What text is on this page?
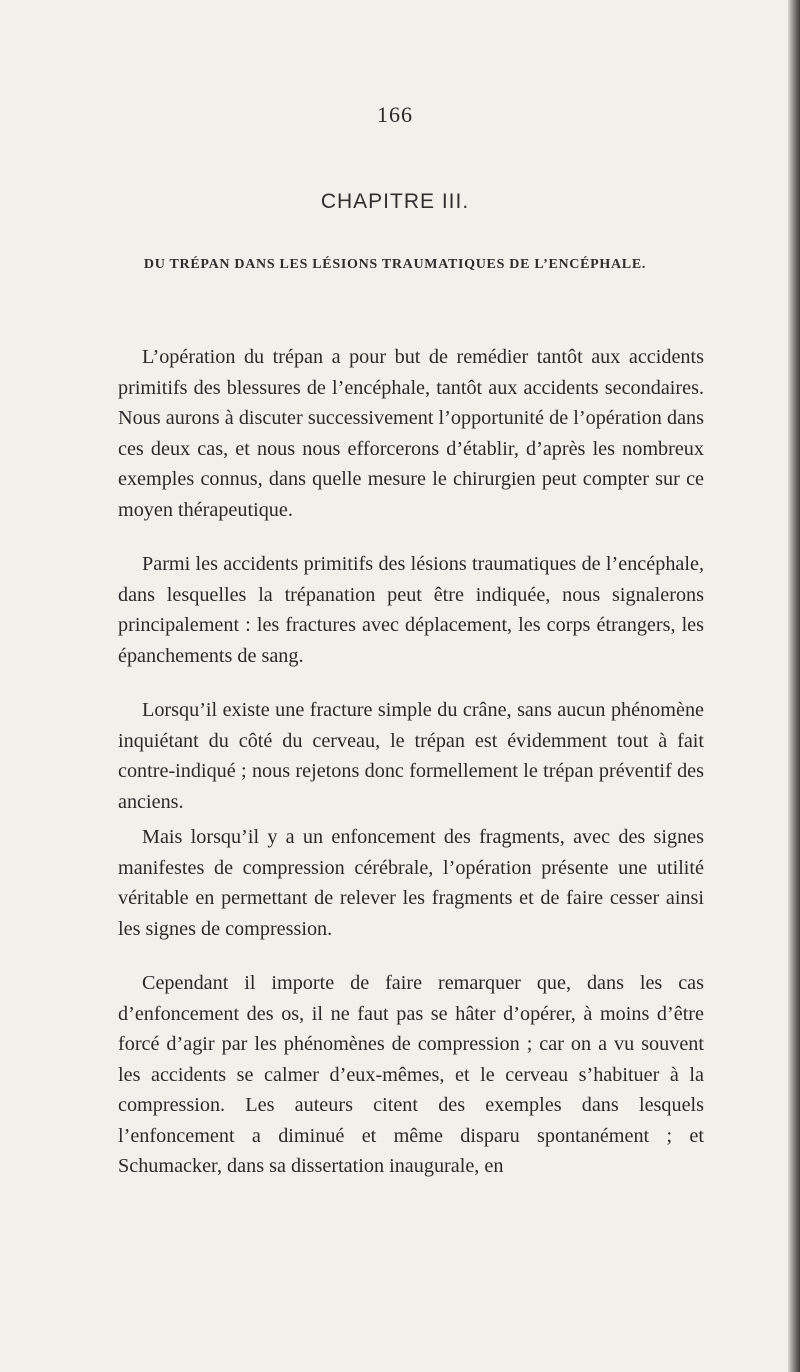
166
CHAPITRE III.
DU TRÉPAN DANS LES LÉSIONS TRAUMATIQUES DE L’ENCÉPHALE.

L’opération du trépan a pour but de remédier tantôt aux accidents primitifs des blessures de l’encéphale, tantôt aux accidents secondaires. Nous aurons à discuter successivement l’opportunité de l’opération dans ces deux cas, et nous nous efforcerons d’établir, d’après les nombreux exemples connus, dans quelle mesure le chirurgien peut compter sur ce moyen thérapeutique.

Parmi les accidents primitifs des lésions traumatiques de l’encéphale, dans lesquelles la trépanation peut être indiquée, nous signalerons principalement : les fractures avec déplacement, les corps étrangers, les épanchements de sang.

Lorsqu’il existe une fracture simple du crâne, sans aucun phénomène inquiétant du côté du cerveau, le trépan est évidemment tout à fait contre-indiqué ; nous rejetons donc formellement le trépan préventif des anciens.

Mais lorsqu’il y a un enfoncement des fragments, avec des signes manifestes de compression cérébrale, l’opération présente une utilité véritable en permettant de relever les fragments et de faire cesser ainsi les signes de compression.

Cependant il importe de faire remarquer que, dans les cas d’enfoncement des os, il ne faut pas se hâter d’opérer, à moins d’être forcé d’agir par les phénomènes de compression ; car on a vu souvent les accidents se calmer d’eux-mêmes, et le cerveau s’habituer à la compression. Les auteurs citent des exemples dans lesquels l’enfoncement a diminué et même disparu spontanément ; et Schumacker, dans sa dissertation inaugurale, en
